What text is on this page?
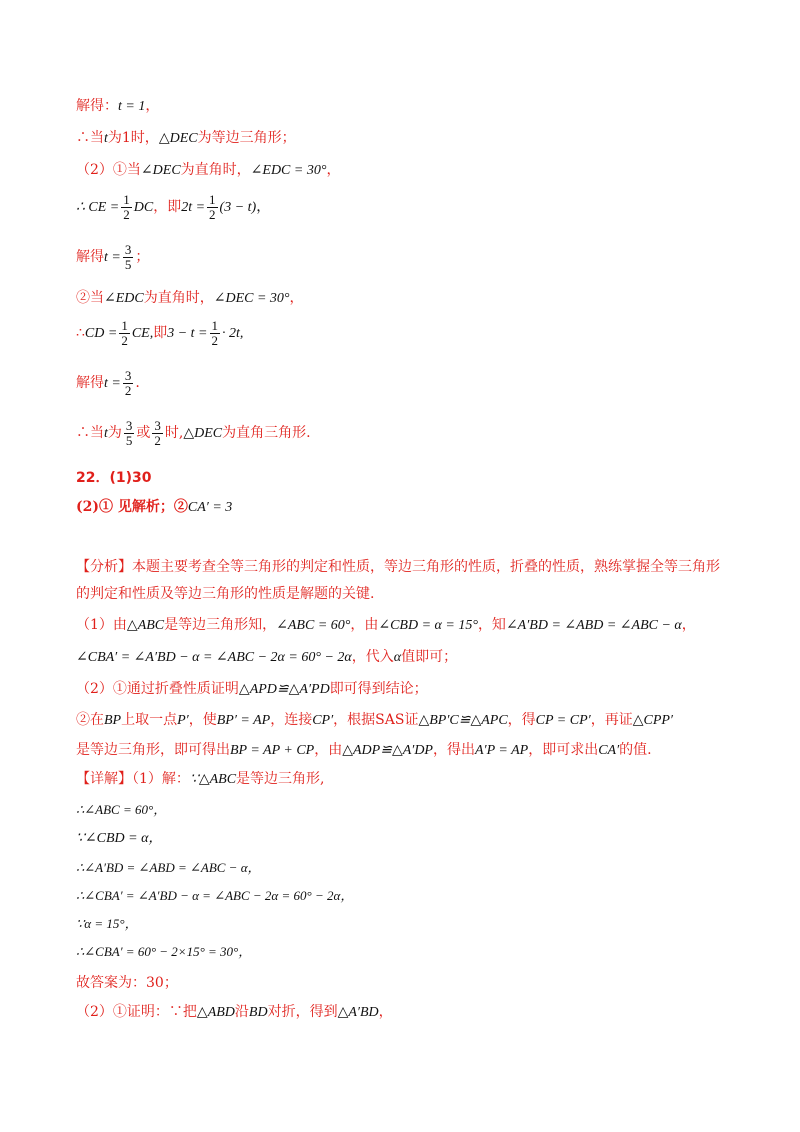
解得：t = 1，
∴当t为1时，△DEC为等边三角形；
（2）①当∠DEC为直角时，∠EDC = 30°，
∴ CE = $\frac{1}{2}$ DC，即$2t = \frac{1}{2} (3 - t)$，
解得$t = \frac{3}{5}$ ；
②当∠EDC为直角时，∠DEC = 30°，
∴CD = $\frac{1}{2}$ CE,即$3 - t = \frac{1}{2} \cdot 2t$,
解得$t = \frac{3}{2}$ .
∴当t为 $\frac{3}{5}$ 或 $\frac{3}{2}$ 时,△DEC为直角三角形.
22．(1)30
(2)① 见解析；②CA′ = 3
【分析】本题主要考查全等三角形的判定和性质，等边三角形的性质，折叠的性质，熟练掌握全等三角形的判定和性质及等边三角形的性质是解题的关键.
（1）由△ABC是等边三角形知，∠ABC = 60°，由∠CBD = α = 15°，知∠A′BD = ∠ABD = ∠ABC − α，
∠CBA′ = ∠A′BD − α = ∠ABC − 2α = 60° − 2α，代入α值即可；
（2）①通过折叠性质证明△APD≌△A′PD即可得到结论；
②在BP上取一点P′，使BP′ = AP，连接CP′，根据SAS证△BP′C≌△APC，得CP = CP′，再证△CPP′
是等边三角形，即可得出BP = AP + CP，由△ADP≌△A′DP，得出A′P = AP，即可求出CA′的值.
【详解】（1）解：∵△ABC是等边三角形,
∴∠ABC = 60°，
∵∠CBD = α，
∴∠A′BD = ∠ABD = ∠ABC − α，
∴∠CBA′ = ∠A′BD − α = ∠ABC − 2α = 60° − 2α，
∵α = 15°，
∴∠CBA′ = 60° − 2×15° = 30°，
故答案为：30；
（2）①证明：∵把△ABD沿BD对折，得到△A′BD，
